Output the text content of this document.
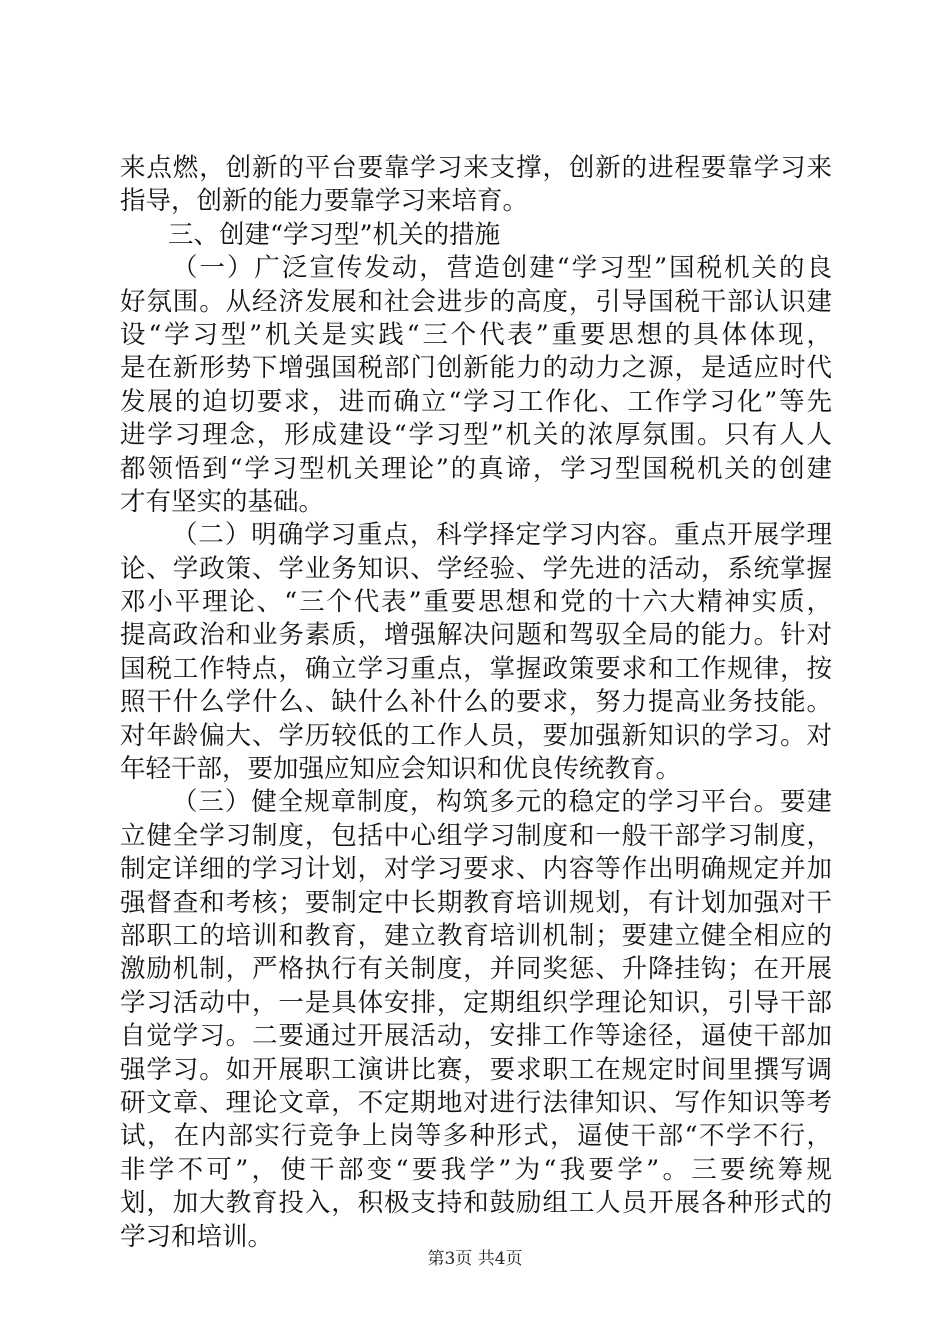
来点燃，创新的平台要靠学习来支撑，创新的进程要靠学习来
指导，创新的能力要靠学习来培育。
三、创建“学习型”机关的措施
（一）广泛宣传发动，营造创建“学习型”国税机关的良
好氛围。从经济发展和社会进步的高度，引导国税干部认识建
设“学习型”机关是实践“三个代表”重要思想的具体体现，
是在新形势下增强国税部门创新能力的动力之源，是适应时代
发展的迫切要求，进而确立“学习工作化、工作学习化”等先
进学习理念，形成建设“学习型”机关的浓厚氛围。只有人人
都领悟到“学习型机关理论”的真谛，学习型国税机关的创建
才有坚实的基础。
（二）明确学习重点，科学择定学习内容。重点开展学理
论、学政策、学业务知识、学经验、学先进的活动，系统掌握
邓小平理论、“三个代表”重要思想和党的十六大精神实质，
提高政治和业务素质，增强解决问题和驾驭全局的能力。针对
国税工作特点，确立学习重点，掌握政策要求和工作规律，按
照干什么学什么、缺什么补什么的要求，努力提高业务技能。
对年龄偏大、学历较低的工作人员，要加强新知识的学习。对
年轻干部，要加强应知应会知识和优良传统教育。
（三）健全规章制度，构筑多元的稳定的学习平台。要建
立健全学习制度，包括中心组学习制度和一般干部学习制度，
制定详细的学习计划，对学习要求、内容等作出明确规定并加
强督查和考核；要制定中长期教育培训规划，有计划加强对干
部职工的培训和教育，建立教育培训机制；要建立健全相应的
激励机制，严格执行有关制度，并同奖惩、升降挂钩；在开展
学习活动中，一是具体安排，定期组织学理论知识，引导干部
自觉学习。二要通过开展活动，安排工作等途径，逼使干部加
强学习。如开展职工演讲比赛，要求职工在规定时间里撰写调
研文章、理论文章，不定期地对进行法律知识、写作知识等考
试，在内部实行竞争上岗等多种形式，逼使干部“不学不行，
非学不可”，使干部变“要我学”为“我要学”。三要统筹规
划，加大教育投入，积极支持和鼓励组工人员开展各种形式的
学习和培训。
第3页 共4页
